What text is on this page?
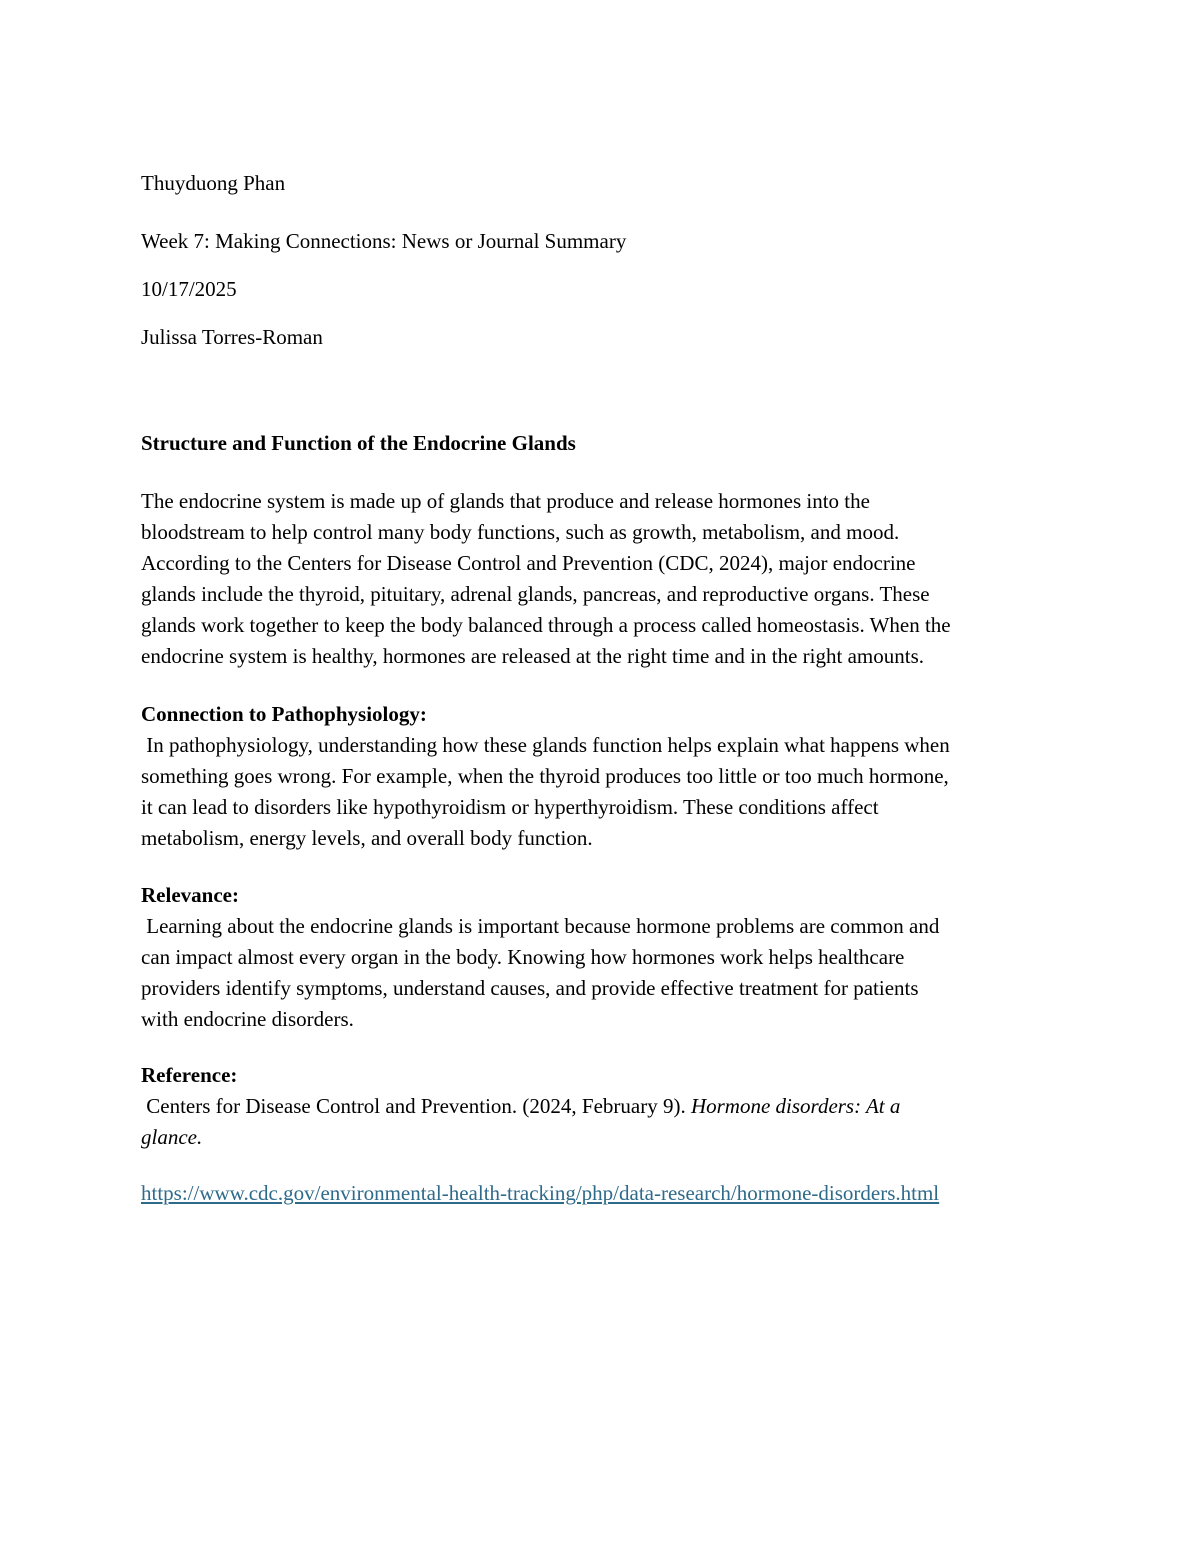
Thuyduong Phan
Week 7: Making Connections: News or Journal Summary
10/17/2025
Julissa Torres-Roman
Structure and Function of the Endocrine Glands
The endocrine system is made up of glands that produce and release hormones into the
bloodstream to help control many body functions, such as growth, metabolism, and mood.
According to the Centers for Disease Control and Prevention (CDC, 2024), major endocrine
glands include the thyroid, pituitary, adrenal glands, pancreas, and reproductive organs. These
glands work together to keep the body balanced through a process called homeostasis. When the
endocrine system is healthy, hormones are released at the right time and in the right amounts.
Connection to Pathophysiology:
In pathophysiology, understanding how these glands function helps explain what happens when
something goes wrong. For example, when the thyroid produces too little or too much hormone,
it can lead to disorders like hypothyroidism or hyperthyroidism. These conditions affect
metabolism, energy levels, and overall body function.
Relevance:
Learning about the endocrine glands is important because hormone problems are common and
can impact almost every organ in the body. Knowing how hormones work helps healthcare
providers identify symptoms, understand causes, and provide effective treatment for patients
with endocrine disorders.
Reference:
Centers for Disease Control and Prevention. (2024, February 9). Hormone disorders: At a
glance.
https://www.cdc.gov/environmental-health-tracking/php/data-research/hormone-disorders.html
